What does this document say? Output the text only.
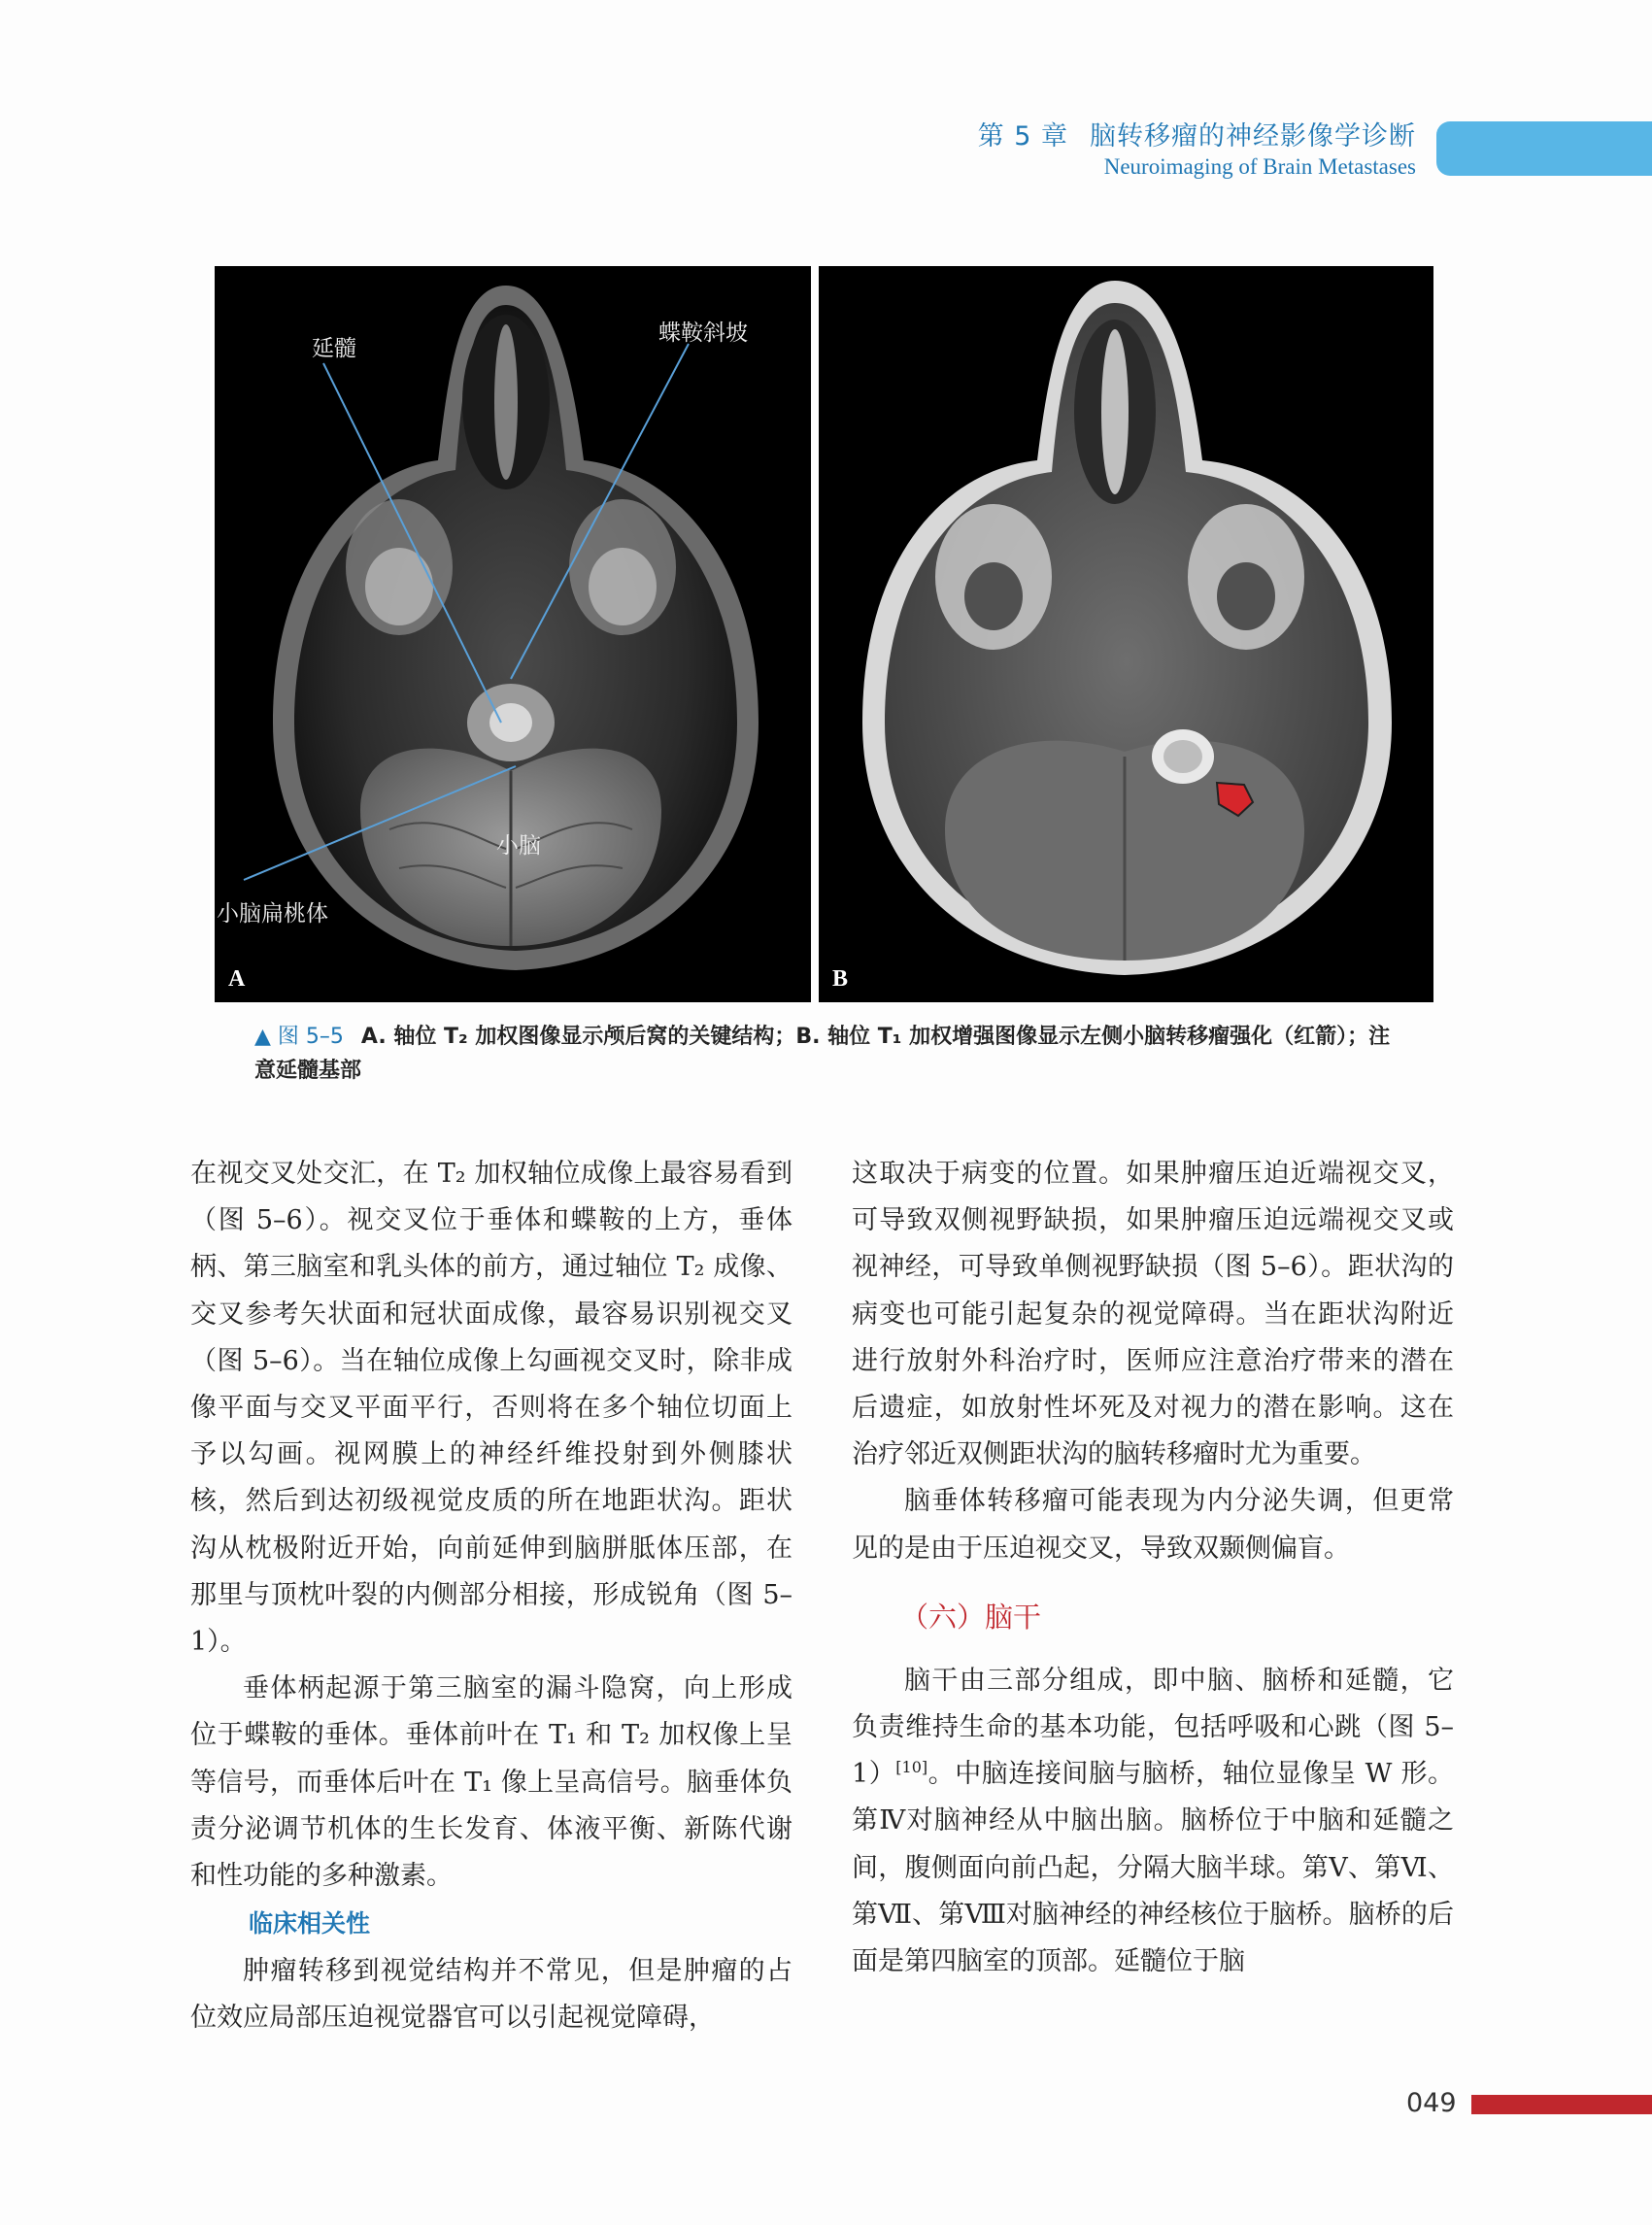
第 5 章 脑转移瘤的神经影像学诊断
Neuroimaging of Brain Metastases
延髓
蝶鞍斜坡
小脑
小脑扁桃体
A	B
▲ 图 5–5 A. 轴位 T₂ 加权图像显示颅后窝的关键结构；B. 轴位 T₁ 加权增强图像显示左侧小脑转移瘤强化（红箭）；注意延髓基部

在视交叉处交汇，在 T₂ 加权轴位成像上最容易看到（图 5–6）。视交叉位于垂体和蝶鞍的上方，垂体柄、第三脑室和乳头体的前方，通过轴位 T₂ 成像、交叉参考矢状面和冠状面成像，最容易识别视交叉（图 5–6）。当在轴位成像上勾画视交叉时，除非成像平面与交叉平面平行，否则将在多个轴位切面上予以勾画。视网膜上的神经纤维投射到外侧膝状核，然后到达初级视觉皮质的所在地距状沟。距状沟从枕极附近开始，向前延伸到脑胼胝体压部，在那里与顶枕叶裂的内侧部分相接，形成锐角（图 5–1）。

垂体柄起源于第三脑室的漏斗隐窝，向上形成位于蝶鞍的垂体。垂体前叶在 T₁ 和 T₂ 加权像上呈等信号，而垂体后叶在 T₁ 像上呈高信号。脑垂体负责分泌调节机体的生长发育、体液平衡、新陈代谢和性功能的多种激素。

临床相关性

肿瘤转移到视觉结构并不常见，但是肿瘤的占位效应局部压迫视觉器官可以引起视觉障碍，

这取决于病变的位置。如果肿瘤压迫近端视交叉，可导致双侧视野缺损，如果肿瘤压迫远端视交叉或视神经，可导致单侧视野缺损（图 5–6）。距状沟的病变也可能引起复杂的视觉障碍。当在距状沟附近进行放射外科治疗时，医师应注意治疗带来的潜在后遗症，如放射性坏死及对视力的潜在影响。这在治疗邻近双侧距状沟的脑转移瘤时尤为重要。

脑垂体转移瘤可能表现为内分泌失调，但更常见的是由于压迫视交叉，导致双颞侧偏盲。

（六）脑干

脑干由三部分组成，即中脑、脑桥和延髓，它负责维持生命的基本功能，包括呼吸和心跳（图 5–1）[10]。中脑连接间脑与脑桥，轴位显像呈 W 形。第Ⅳ对脑神经从中脑出脑。脑桥位于中脑和延髓之间，腹侧面向前凸起，分隔大脑半球。第Ⅴ、第Ⅵ、第Ⅶ、第Ⅷ对脑神经的神经核位于脑桥。脑桥的后面是第四脑室的顶部。延髓位于脑

049
